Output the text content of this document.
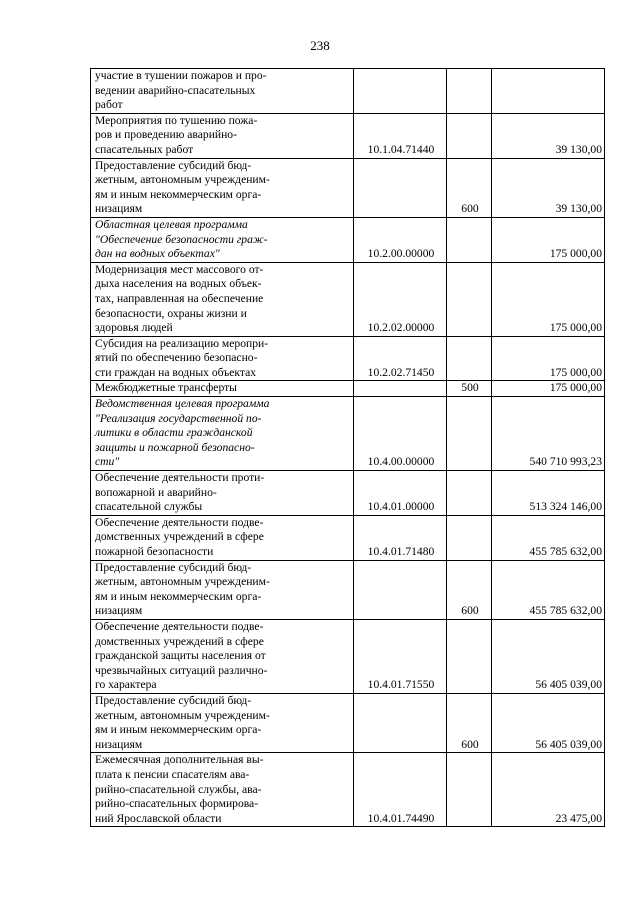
238
участие в тушении пожаров и про-
ведении аварийно-спасательных
работ			
Мероприятия по тушению пожа-
ров и проведению аварийно-
спасательных работ	10.1.04.71440		39 130,00
Предоставление субсидий бюд-
жетным, автономным учрежденим-
ям и иным некоммерческим орга-
низациям		600	39 130,00
Областная целевая программа
"Обеспечение безопасности граж-
дан на водных объектах"	10.2.00.00000		175 000,00
Модернизация мест массового от-
дыха населения на водных объек-
тах, направленная на обеспечение
безопасности, охраны жизни и
здоровья людей	10.2.02.00000		175 000,00
Субсидия на реализацию меропри-
ятий по обеспечению безопасно-
сти граждан на водных объектах	10.2.02.71450		175 000,00
Межбюджетные трансферты		500	175 000,00
Ведомственная целевая программа
"Реализация государственной по-
литики в области гражданской
защиты и пожарной безопасно-
сти"	10.4.00.00000		540 710 993,23
Обеспечение деятельности проти-
вопожарной и аварийно-
спасательной службы	10.4.01.00000		513 324 146,00
Обеспечение деятельности подве-
домственных учреждений в сфере
пожарной безопасности	10.4.01.71480		455 785 632,00
Предоставление субсидий бюд-
жетным, автономным учрежденим-
ям и иным некоммерческим орга-
низациям		600	455 785 632,00
Обеспечение деятельности подве-
домственных учреждений в сфере
гражданской защиты населения от
чрезвычайных ситуаций различно-
го характера	10.4.01.71550		56 405 039,00
Предоставление субсидий бюд-
жетным, автономным учрежденим-
ям и иным некоммерческим орга-
низациям		600	56 405 039,00
Ежемесячная дополнительная вы-
плата к пенсии спасателям ава-
рийно-спасательной службы, ава-
рийно-спасательных формирова-
ний Ярославской области	10.4.01.74490		23 475,00
